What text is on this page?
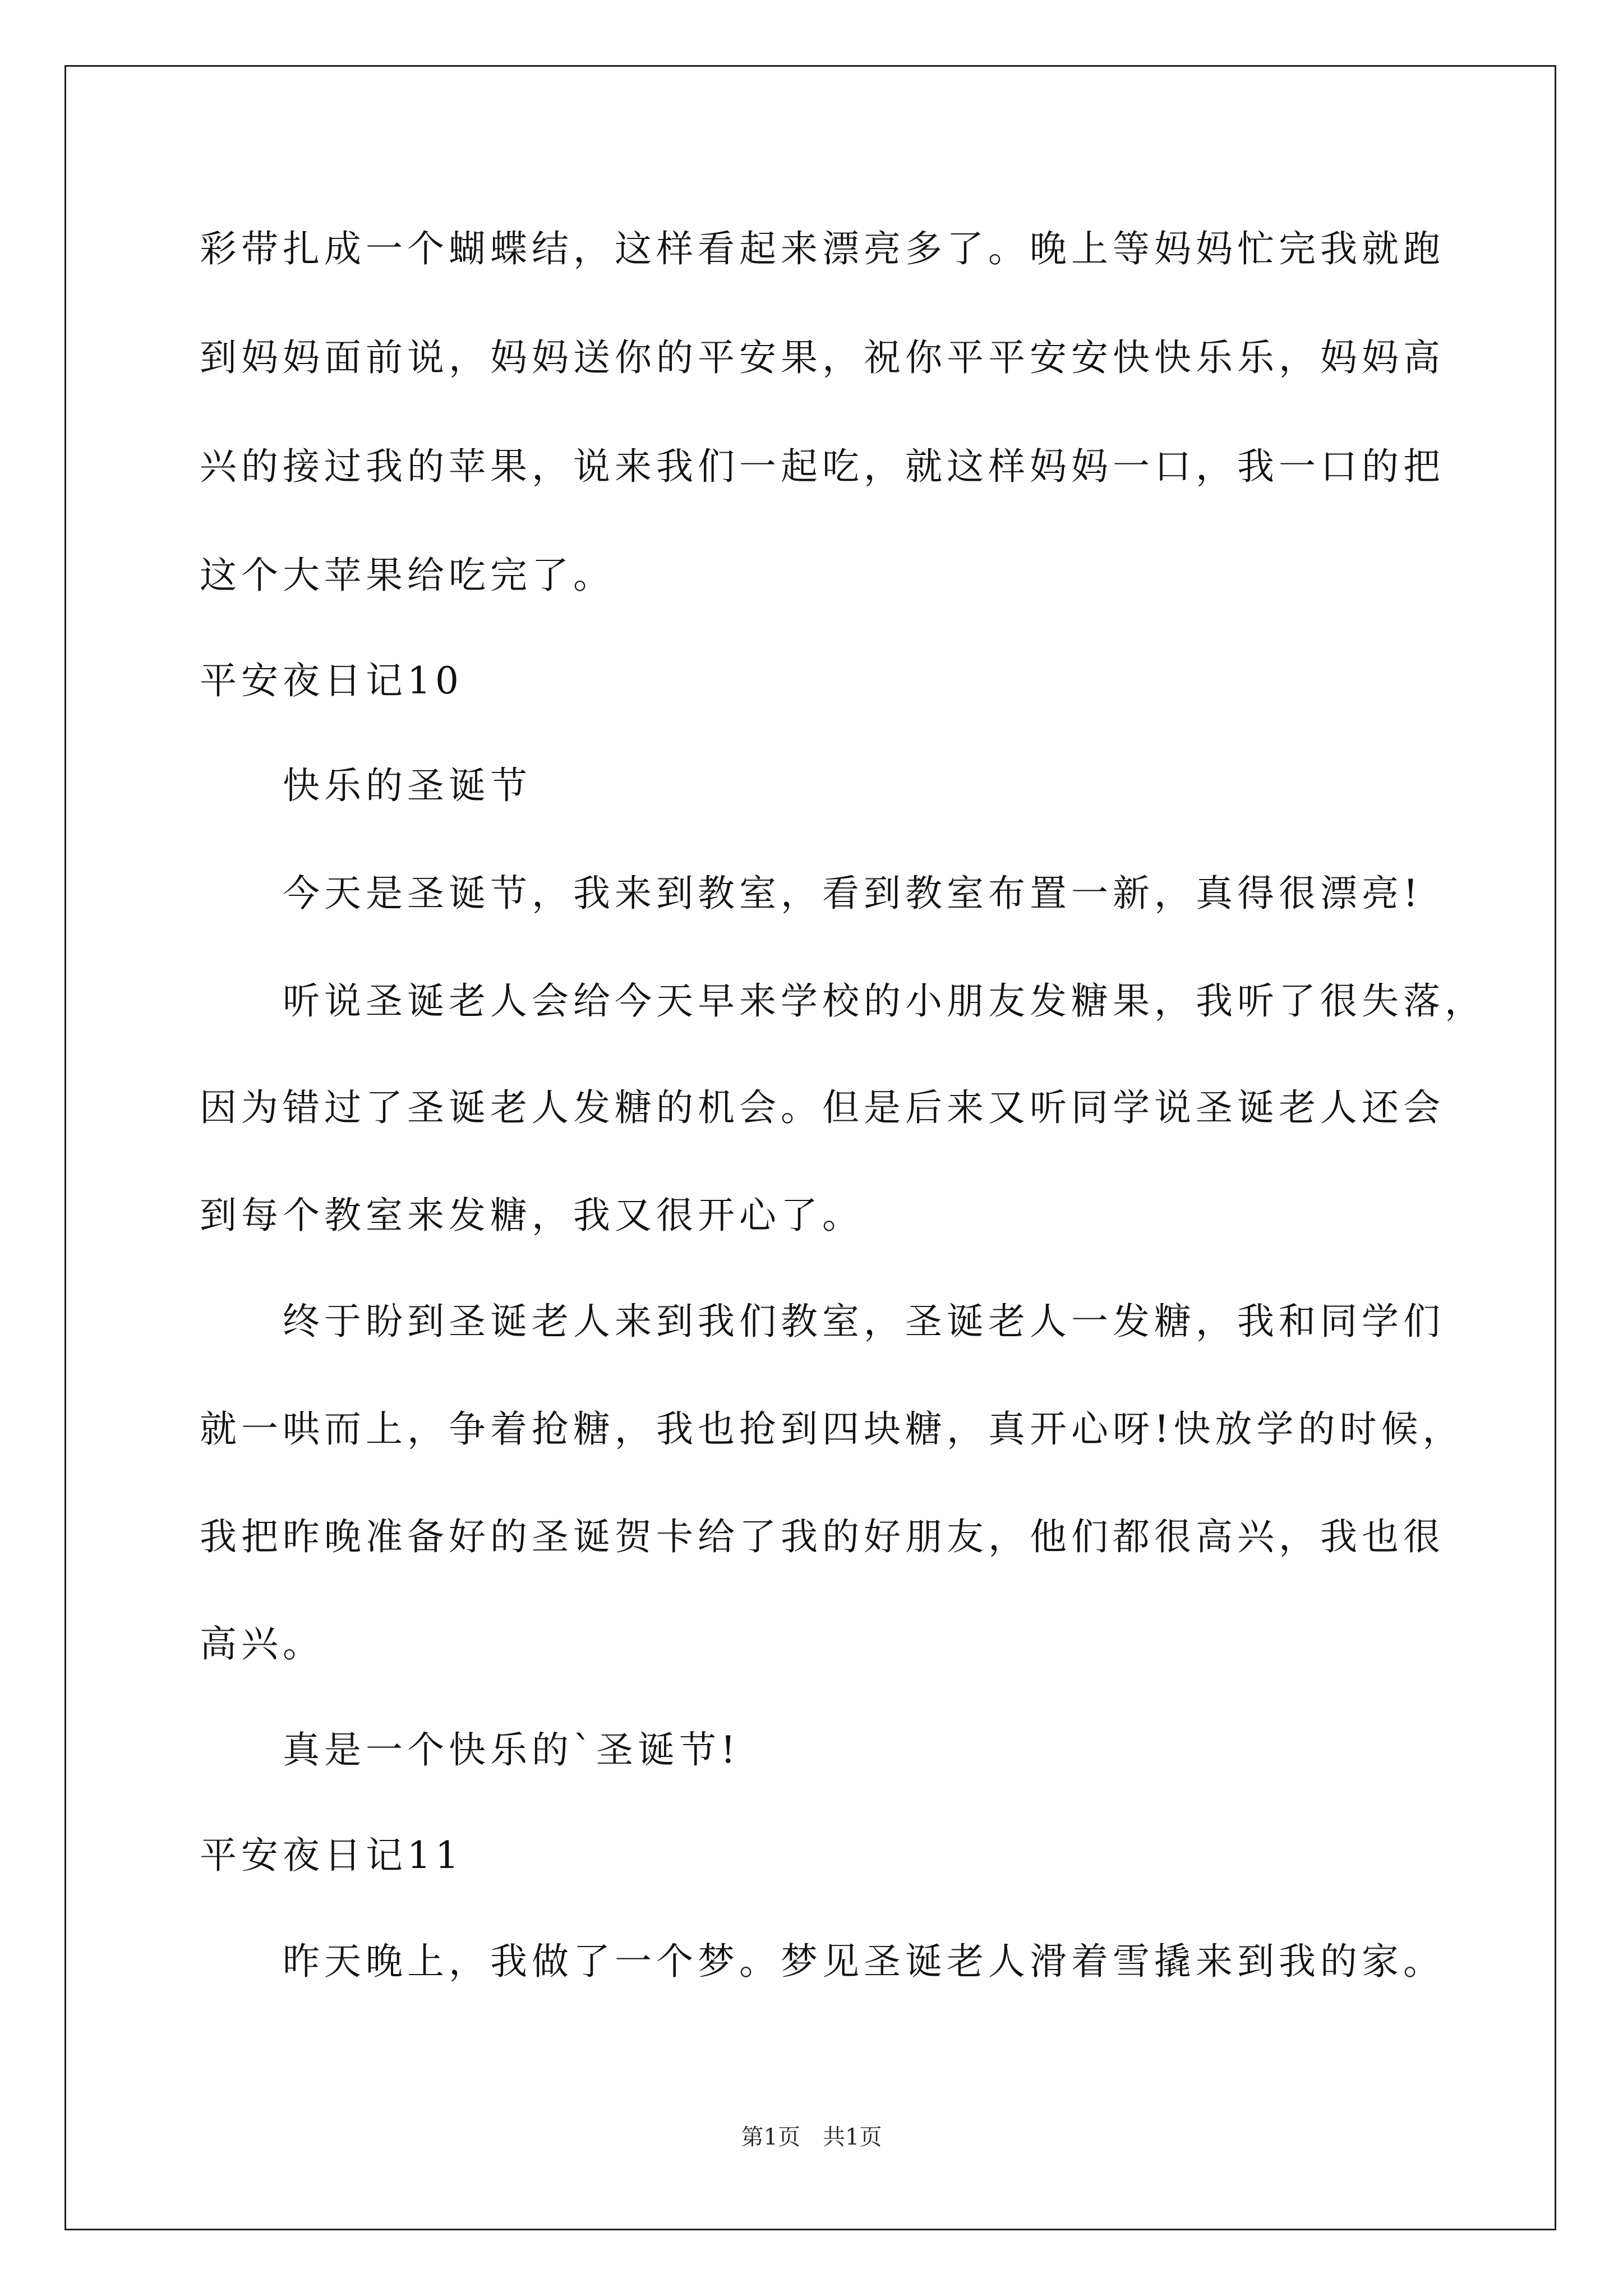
彩带扎成一个蝴蝶结，这样看起来漂亮多了。晚上等妈妈忙完我就跑
到妈妈面前说，妈妈送你的平安果，祝你平平安安快快乐乐，妈妈高
兴的接过我的苹果，说来我们一起吃，就这样妈妈一口，我一口的把
这个大苹果给吃完了。
平安夜日记10
快乐的圣诞节
今天是圣诞节，我来到教室，看到教室布置一新，真得很漂亮!
听说圣诞老人会给今天早来学校的小朋友发糖果，我听了很失落，
因为错过了圣诞老人发糖的机会。但是后来又听同学说圣诞老人还会
到每个教室来发糖，我又很开心了。
终于盼到圣诞老人来到我们教室，圣诞老人一发糖，我和同学们
就一哄而上，争着抢糖，我也抢到四块糖，真开心呀!快放学的时候，
我把昨晚准备好的圣诞贺卡给了我的好朋友，他们都很高兴，我也很
高兴。
真是一个快乐的`圣诞节!
平安夜日记11
昨天晚上，我做了一个梦。梦见圣诞老人滑着雪撬来到我的家。
第1页　共1页
